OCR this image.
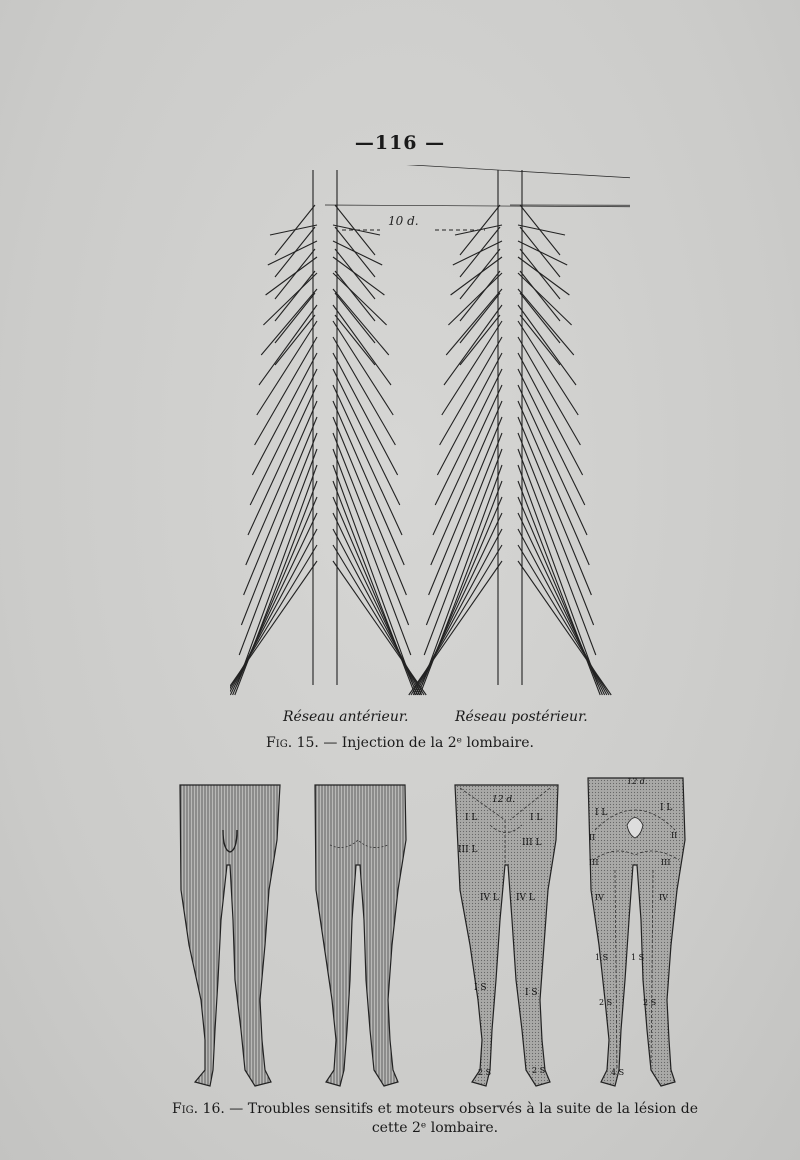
—116 —
10 d.
Réseau antérieur.	Réseau postérieur.
Fig. 15. — Injection de la 2ᵉ lombaire.
12 d.
I L	I L
III L
III L
IV L IV L
I S	I S
2 S	2 S
12 d.
I L	I L
II	II
III	III
IV	IV
1 S	1 S
2 S	2 S
4 S
Fig. 16. — Troubles sensitifs et moteurs observés à la suite de la lésion de cette 2ᵉ lombaire.
